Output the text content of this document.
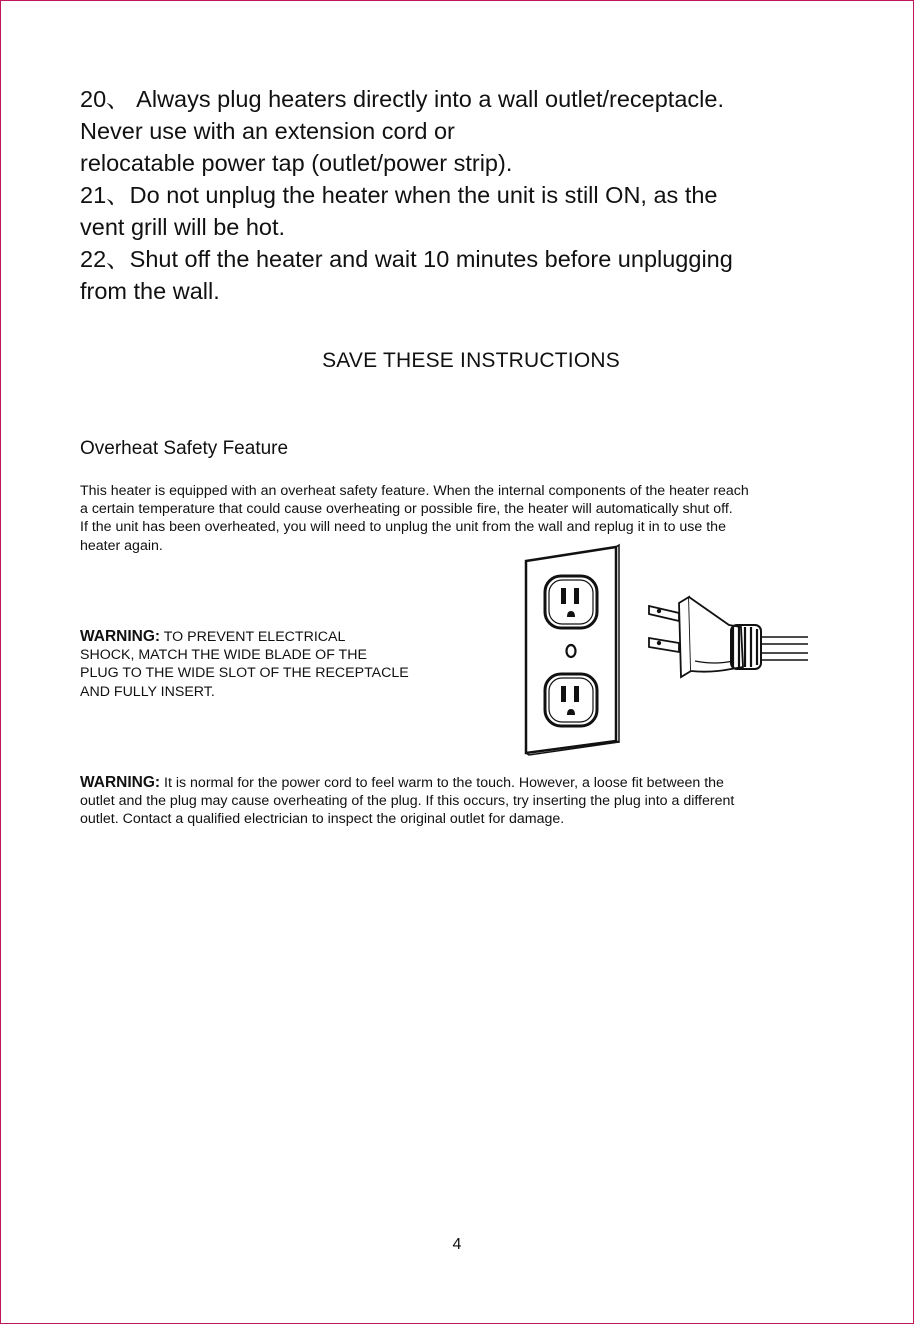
20、 Always plug heaters directly into a wall outlet/receptacle.
Never use with an extension cord or
relocatable power tap (outlet/power strip).

21、Do not unplug the heater when the unit is still ON, as the
vent grill will be hot.

22、Shut off the heater and wait 10 minutes before unplugging
from the wall.

SAVE THESE INSTRUCTIONS
Overheat Safety Feature
This heater is equipped with an overheat safety feature. When the internal components of the heater reach
a certain temperature that could cause overheating or possible fire, the heater will automatically shut off.
If the unit has been overheated, you will need to unplug the unit from the wall and replug it in to use the
heater again.
WARNING: TO PREVENT ELECTRICAL
SHOCK, MATCH THE WIDE BLADE OF THE
PLUG TO THE WIDE SLOT OF THE RECEPTACLE
AND FULLY INSERT.
WARNING: It is normal for the power cord to feel warm to the touch. However, a loose fit between the
outlet and the plug may cause overheating of the plug. If this occurs, try inserting the plug into a different
outlet. Contact a qualified electrician to inspect the original outlet for damage.
4
